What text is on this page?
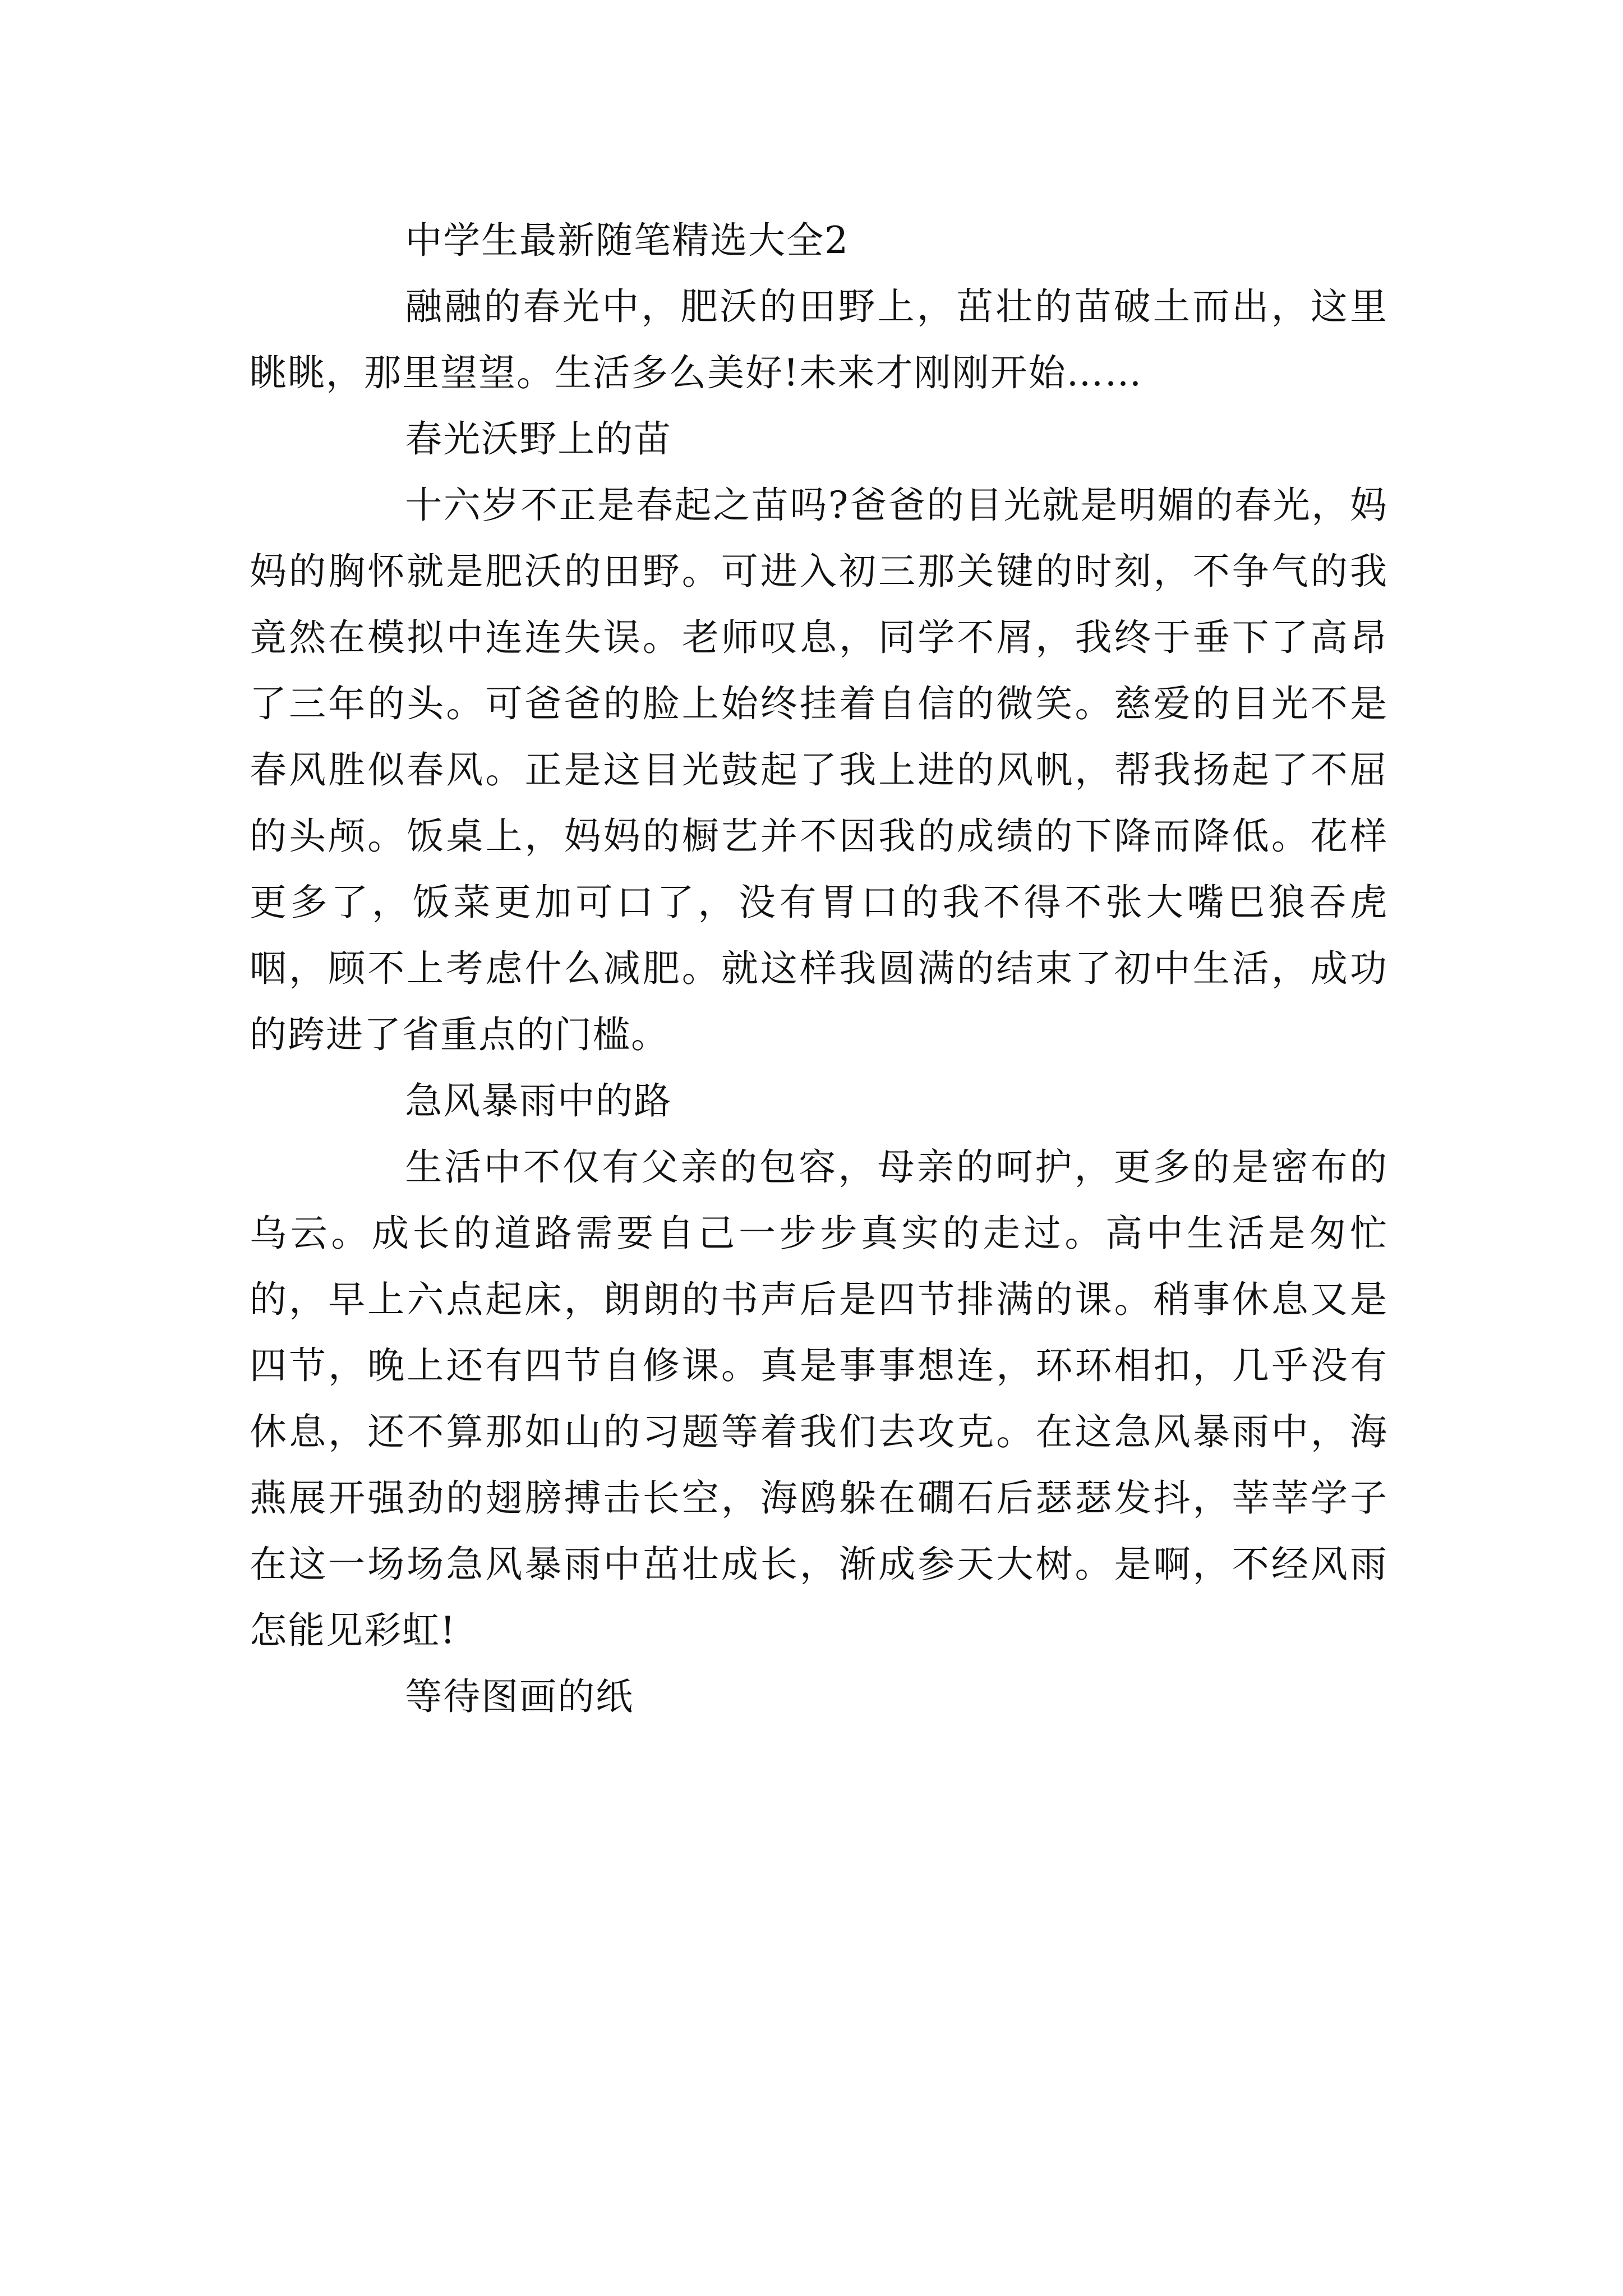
中学生最新随笔精选大全2

融融的春光中，肥沃的田野上，茁壮的苗破土而出，这里眺眺，那里望望。生活多么美好!未来才刚刚开始……

春光沃野上的苗

十六岁不正是春起之苗吗?爸爸的目光就是明媚的春光，妈妈的胸怀就是肥沃的田野。可进入初三那关键的时刻，不争气的我竟然在模拟中连连失误。老师叹息，同学不屑，我终于垂下了高昂了三年的头。可爸爸的脸上始终挂着自信的微笑。慈爱的目光不是春风胜似春风。正是这目光鼓起了我上进的风帆，帮我扬起了不屈的头颅。饭桌上，妈妈的橱艺并不因我的成绩的下降而降低。花样更多了，饭菜更加可口了，没有胃口的我不得不张大嘴巴狼吞虎咽，顾不上考虑什么减肥。就这样我圆满的结束了初中生活，成功的跨进了省重点的门槛。

急风暴雨中的路

生活中不仅有父亲的包容，母亲的呵护，更多的是密布的乌云。成长的道路需要自己一步步真实的走过。高中生活是匆忙的，早上六点起床，朗朗的书声后是四节排满的课。稍事休息又是四节，晚上还有四节自修课。真是事事想连，环环相扣，几乎没有休息，还不算那如山的习题等着我们去攻克。在这急风暴雨中，海燕展开强劲的翅膀搏击长空，海鸥躲在礀石后瑟瑟发抖，莘莘学子在这一场场急风暴雨中茁壮成长，渐成参天大树。是啊，不经风雨怎能见彩虹!

等待图画的纸
